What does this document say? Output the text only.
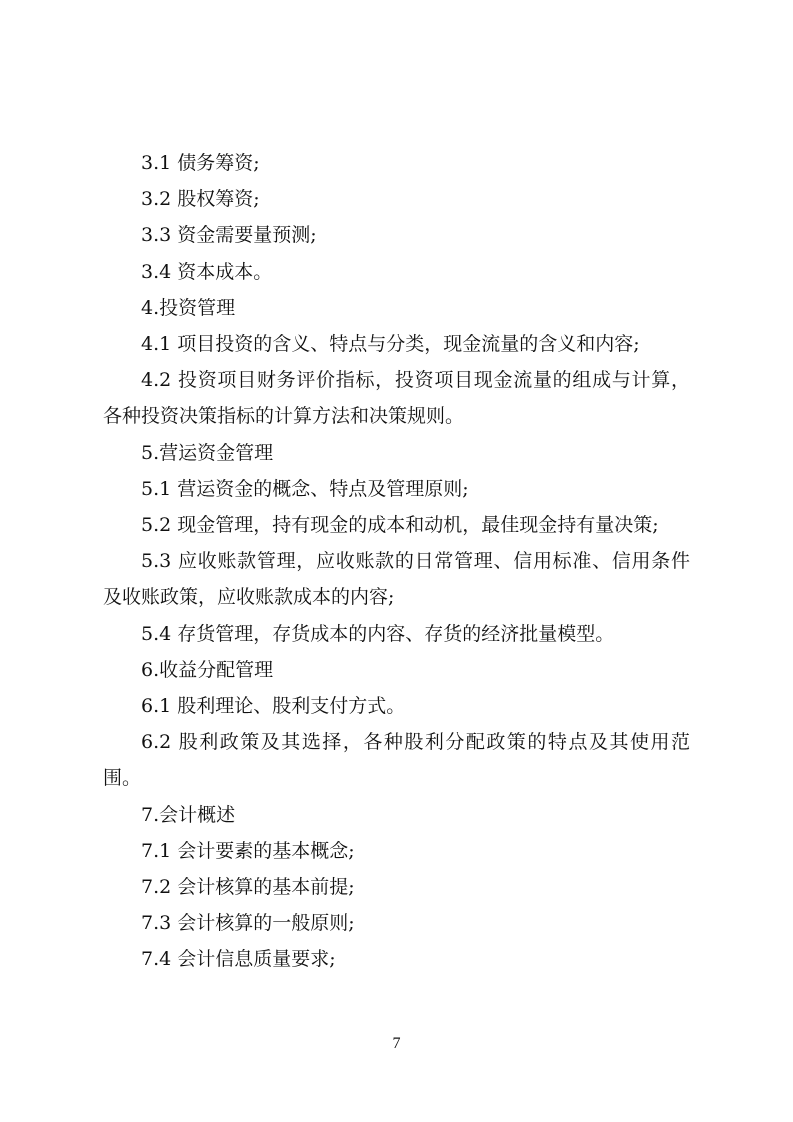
3.1 债务筹资;

3.2 股权筹资;

3.3 资金需要量预测;

3.4 资本成本。

4.投资管理

4.1 项目投资的含义、特点与分类，现金流量的含义和内容;

4.2 投资项目财务评价指标，投资项目现金流量的组成与计算，各种投资决策指标的计算方法和决策规则。

5.营运资金管理

5.1 营运资金的概念、特点及管理原则;

5.2 现金管理，持有现金的成本和动机，最佳现金持有量决策;

5.3 应收账款管理，应收账款的日常管理、信用标准、信用条件及收账政策，应收账款成本的内容;

5.4 存货管理，存货成本的内容、存货的经济批量模型。

6.收益分配管理

6.1 股利理论、股利支付方式。

6.2 股利政策及其选择，各种股利分配政策的特点及其使用范围。

7.会计概述

7.1 会计要素的基本概念;

7.2 会计核算的基本前提;

7.3 会计核算的一般原则;

7.4 会计信息质量要求;

7
